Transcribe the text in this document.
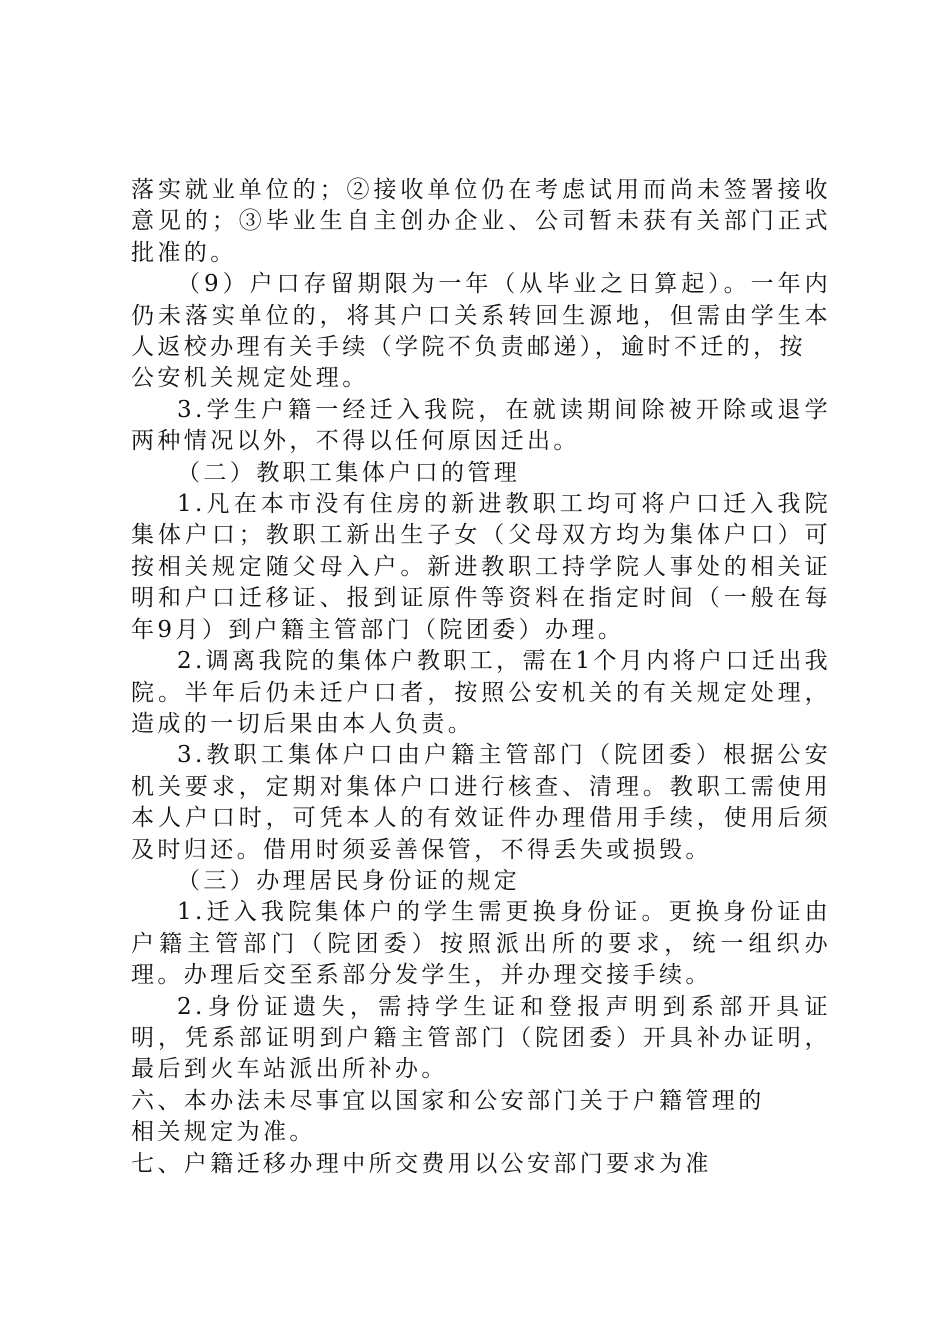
落实就业单位的；②接收单位仍在考虑试用而尚未签署接收意见的；③毕业生自主创办企业、公司暂未获有关部门正式批准的。

（9）户口存留期限为一年（从毕业之日算起）。一年内仍未落实单位的，将其户口关系转回生源地，但需由学生本人返校办理有关手续（学院不负责邮递），逾时不迁的，按

公安机关规定处理。

3.学生户籍一经迁入我院，在就读期间除被开除或退学两种情况以外，不得以任何原因迁出。

（二）教职工集体户口的管理

1.凡在本市没有住房的新进教职工均可将户口迁入我院集体户口；教职工新出生子女（父母双方均为集体户口）可按相关规定随父母入户。新进教职工持学院人事处的相关证明和户口迁移证、报到证原件等资料在指定时间（一般在每年9月）到户籍主管部门（院团委）办理。

2.调离我院的集体户教职工，需在1个月内将户口迁出我院。半年后仍未迁户口者，按照公安机关的有关规定处理，造成的一切后果由本人负责。

3.教职工集体户口由户籍主管部门（院团委）根据公安机关要求，定期对集体户口进行核查、清理。教职工需使用本人户口时，可凭本人的有效证件办理借用手续，使用后须及时归还。借用时须妥善保管，不得丢失或损毁。

（三）办理居民身份证的规定

1.迁入我院集体户的学生需更换身份证。更换身份证由户籍主管部门（院团委）按照派出所的要求，统一组织办理。办理后交至系部分发学生，并办理交接手续。

2.身份证遗失，需持学生证和登报声明到系部开具证明，凭系部证明到户籍主管部门（院团委）开具补办证明，最后到火车站派出所补办。

六、本办法未尽事宜以国家和公安部门关于户籍管理的

相关规定为准。

七、户籍迁移办理中所交费用以公安部门要求为准
